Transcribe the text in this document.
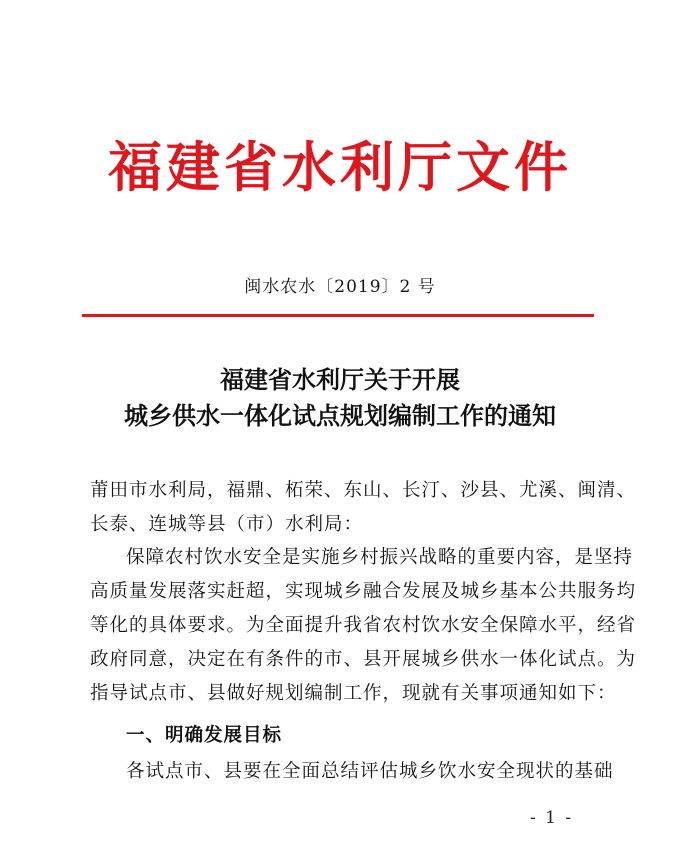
福建省水利厅文件
闽水农水〔2019〕2 号
福建省水利厅关于开展
城乡供水一体化试点规划编制工作的通知
莆田市水利局，福鼎、柘荣、东山、长汀、沙县、尤溪、闽清、
长泰、连城等县（市）水利局：
保障农村饮水安全是实施乡村振兴战略的重要内容，是坚持
高质量发展落实赶超，实现城乡融合发展及城乡基本公共服务均
等化的具体要求。为全面提升我省农村饮水安全保障水平，经省
政府同意，决定在有条件的市、县开展城乡供水一体化试点。为
指导试点市、县做好规划编制工作，现就有关事项通知如下：
一、明确发展目标
各试点市、县要在全面总结评估城乡饮水安全现状的基础
- 1 -
